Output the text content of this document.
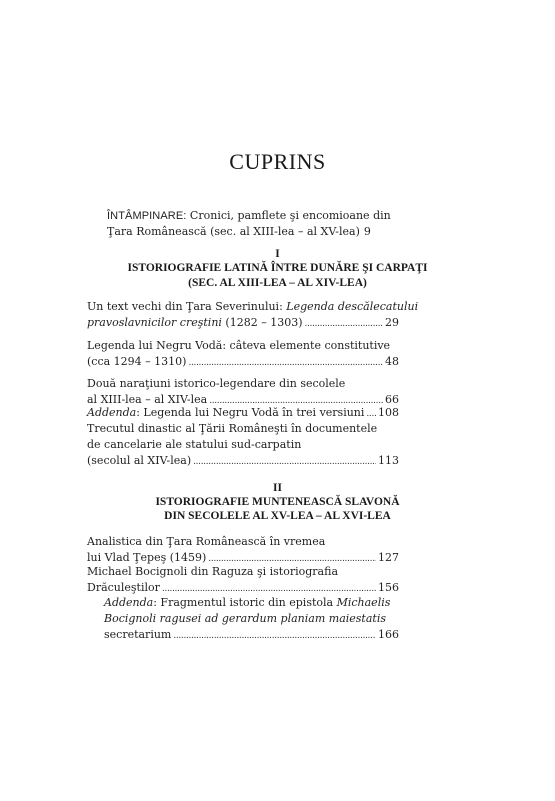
CUPRINS
ÎNTÂMPINARE: Cronici, pamflete şi encomioane din
Ţara Românească (sec. al XIII-lea – al XV-lea) 9
I
ISTORIOGRAFIE LATINĂ ÎNTRE DUNĂRE ŞI CARPAŢI
(SEC. AL XIII-LEA – AL XIV-LEA)
Un text vechi din Ţara Severinului: Legenda descălecatului
pravoslavnicilor creştini (1282 – 1303) . . .	29
Legenda lui Negru Vodă: câteva elemente constitutive
(cca 1294 – 1310) . . .	48
Două naraţiuni istorico-legendare din secolele
al XIII-lea – al XIV-lea . . .	66
Addenda: Legenda lui Negru Vodă în trei versiuni . . . 108
Trecutul dinastic al Ţării Româneşti în documentele
de cancelarie ale statului sud-carpatin
(secolul al XIV-lea) . . .	113
II
ISTORIOGRAFIE MUNTENEASCĂ SLAVONĂ
DIN SECOLELE AL XV-LEA – AL XVI-LEA
Analistica din Ţara Românească în vremea
lui Vlad Ţepeş (1459) . . .	127
Michael Bocignoli din Raguza şi istoriografia
Drăculeştilor . . .	156
Addenda: Fragmentul istoric din epistola Michaelis
Bocignoli ragusei ad gerardum planiam maiestatis
secretarium . . .	166
